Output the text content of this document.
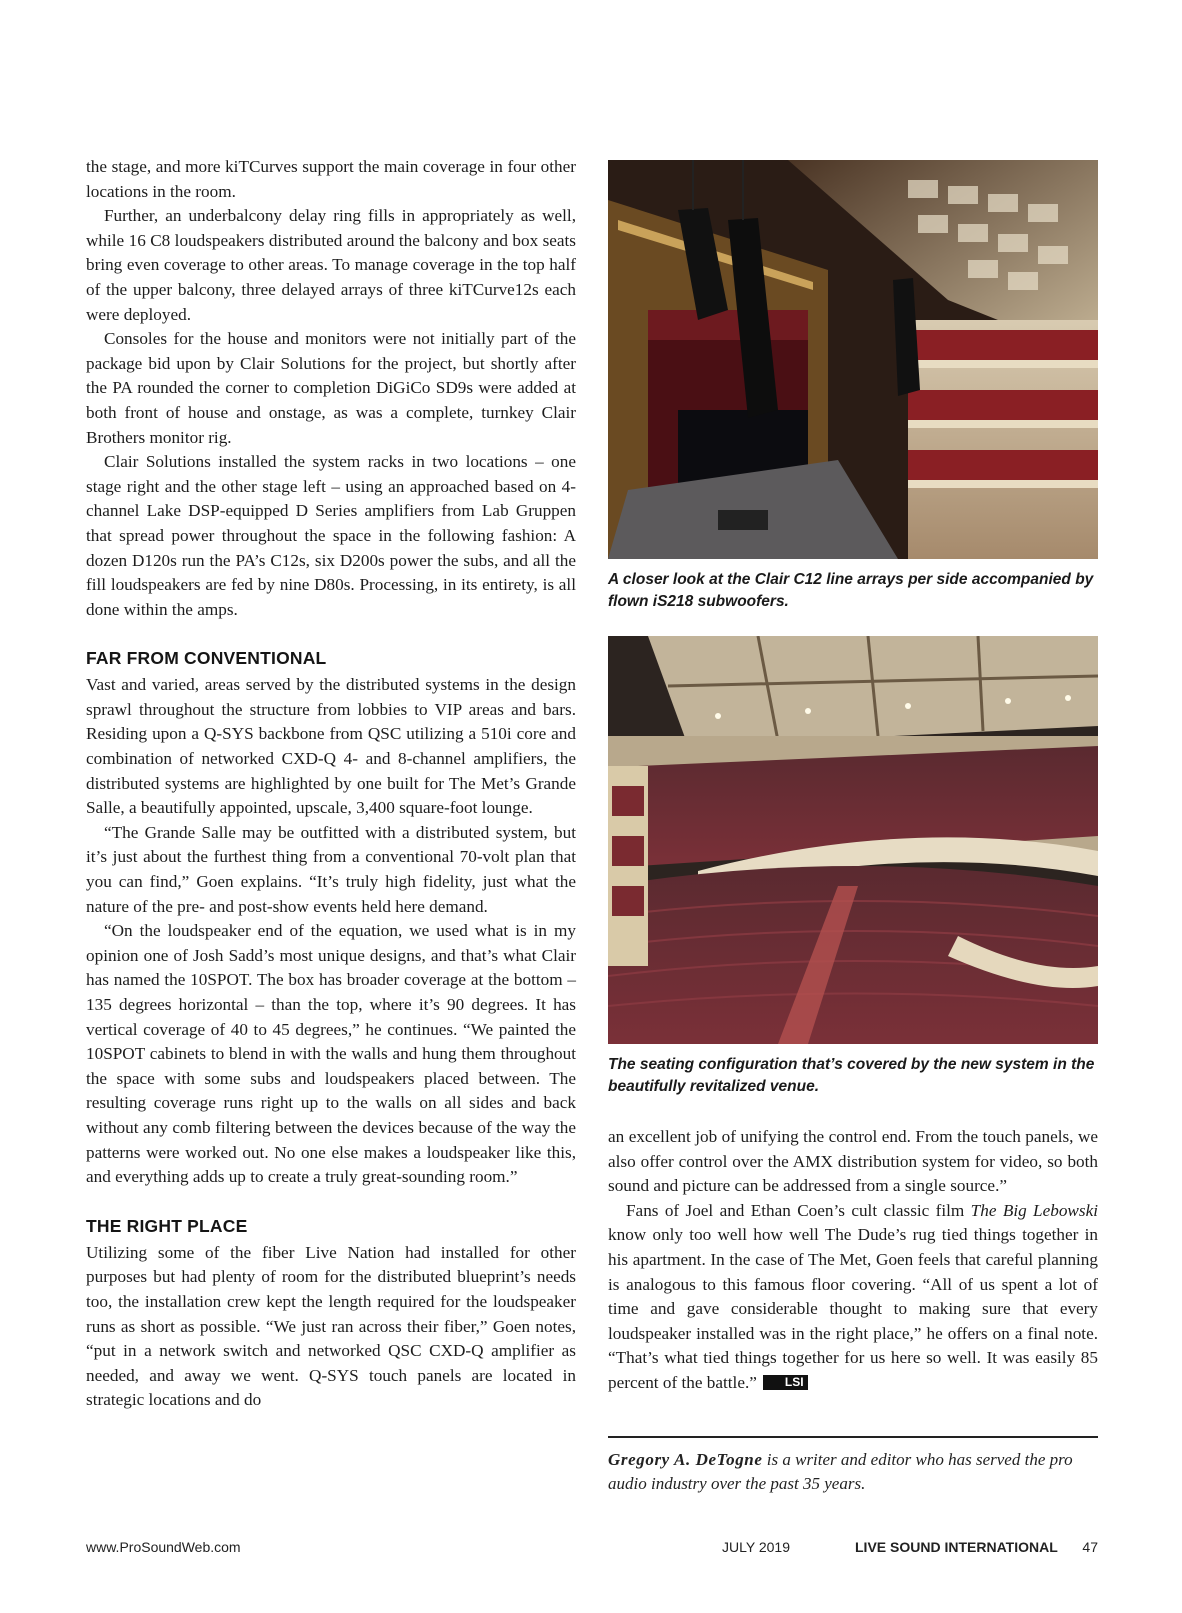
the stage, and more kiTCurves support the main coverage in four other locations in the room.

Further, an underbalcony delay ring fills in appropriately as well, while 16 C8 loudspeakers distributed around the balcony and box seats bring even coverage to other areas. To manage coverage in the top half of the upper balcony, three delayed arrays of three kiTCurve12s each were deployed.

Consoles for the house and monitors were not initially part of the package bid upon by Clair Solutions for the project, but shortly after the PA rounded the corner to completion DiGiCo SD9s were added at both front of house and onstage, as was a complete, turnkey Clair Brothers monitor rig.

Clair Solutions installed the system racks in two locations – one stage right and the other stage left – using an approached based on 4-channel Lake DSP-equipped D Series amplifiers from Lab Gruppen that spread power throughout the space in the following fashion: A dozen D120s run the PA’s C12s, six D200s power the subs, and all the fill loudspeakers are fed by nine D80s. Processing, in its entirety, is all done within the amps.

FAR FROM CONVENTIONAL

Vast and varied, areas served by the distributed systems in the design sprawl throughout the structure from lobbies to VIP areas and bars. Residing upon a Q-SYS backbone from QSC utilizing a 510i core and combination of networked CXD-Q 4- and 8-channel amplifiers, the distributed systems are highlighted by one built for The Met’s Grande Salle, a beautifully appointed, upscale, 3,400 square-foot lounge.

“The Grande Salle may be outfitted with a distributed system, but it’s just about the furthest thing from a conventional 70-volt plan that you can find,” Goen explains. “It’s truly high fidelity, just what the nature of the pre- and post-show events held here demand.

“On the loudspeaker end of the equation, we used what is in my opinion one of Josh Sadd’s most unique designs, and that’s what Clair has named the 10SPOT. The box has broader coverage at the bottom – 135 degrees horizontal – than the top, where it’s 90 degrees. It has vertical coverage of 40 to 45 degrees,” he continues. “We painted the 10SPOT cabinets to blend in with the walls and hung them throughout the space with some subs and loudspeakers placed between. The resulting coverage runs right up to the walls on all sides and back without any comb filtering between the devices because of the way the patterns were worked out. No one else makes a loudspeaker like this, and everything adds up to create a truly great-sounding room.”

THE RIGHT PLACE

Utilizing some of the fiber Live Nation had installed for other purposes but had plenty of room for the distributed blueprint’s needs too, the installation crew kept the length required for the loudspeaker runs as short as possible. “We just ran across their fiber,” Goen notes, “put in a network switch and networked QSC CXD-Q amplifier as needed, and away we went. Q-SYS touch panels are located in strategic locations and do

A closer look at the Clair C12 line arrays per side accompanied by flown iS218 subwoofers.
The seating configuration that’s covered by the new system in the beautifully revitalized venue.

an excellent job of unifying the control end. From the touch panels, we also offer control over the AMX distribution system for video, so both sound and picture can be addressed from a single source.”

Fans of Joel and Ethan Coen’s cult classic film The Big Lebowski know only too well how well The Dude’s rug tied things together in his apartment. In the case of The Met, Goen feels that careful planning is analogous to this famous floor covering. “All of us spent a lot of time and gave considerable thought to making sure that every loudspeaker installed was in the right place,” he offers on a final note. “That’s what tied things together for us here so well. It was easily 85 percent of the battle.” LSI

Gregory A. DeTogne is a writer and editor who has served the pro audio industry over the past 35 years.
www.ProSoundWeb.com	JULY 2019	LIVE SOUND INTERNATIONAL 47
